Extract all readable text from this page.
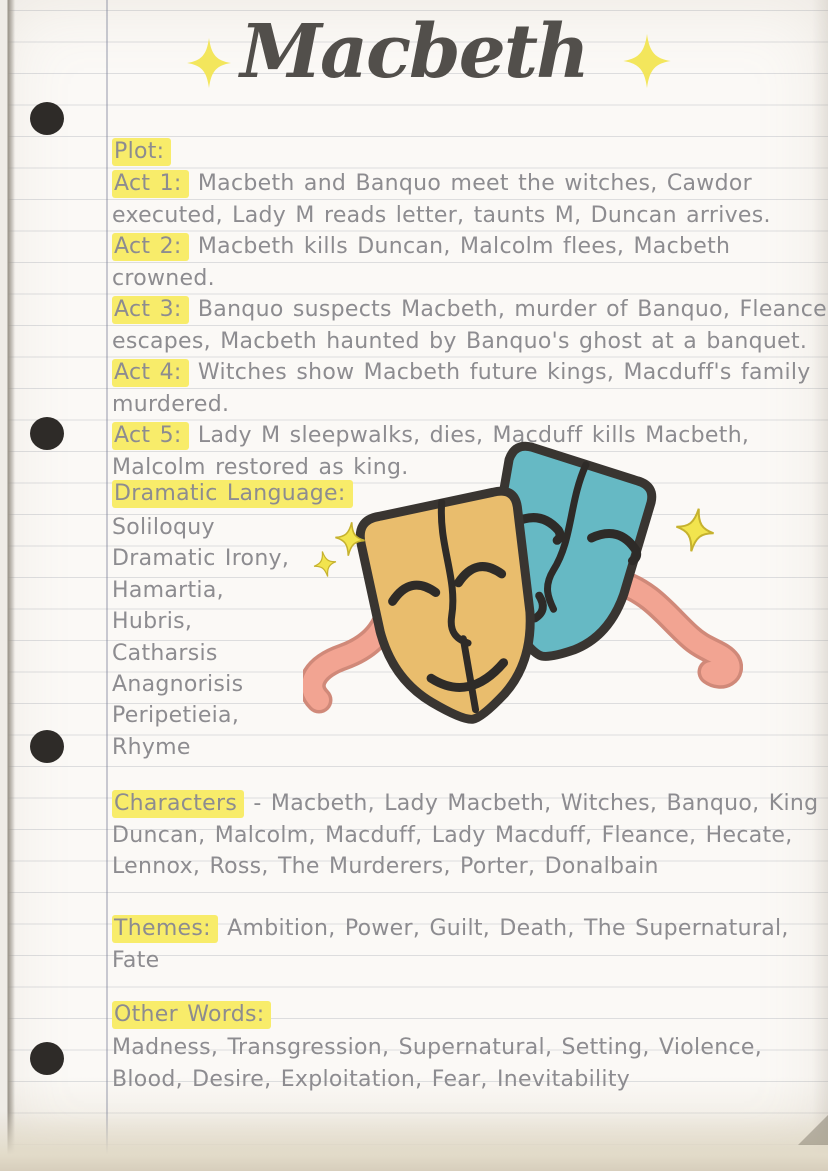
Macbeth
Plot:

Act 1: Macbeth and Banquo meet the witches, Cawdor executed, Lady M reads letter, taunts M, Duncan arrives.

Act 2: Macbeth kills Duncan, Malcolm flees, Macbeth crowned.

Act 3: Banquo suspects Macbeth, murder of Banquo, Fleance escapes, Macbeth haunted by Banquo's ghost at a banquet.

Act 4: Witches show Macbeth future kings, Macduff's family murdered.

Act 5: Lady M sleepwalks, dies, Macduff kills Macbeth, Malcolm restored as king.

Dramatic Language:
Soliloquy
Dramatic Irony,
Hamartia,
Hubris,
Catharsis
Anagnorisis
Peripetieia,
Rhyme
Characters - Macbeth, Lady Macbeth, Witches, Banquo, King Duncan, Malcolm, Macduff, Lady Macduff, Fleance, Hecate, Lennox, Ross, The Murderers, Porter, Donalbain
Themes: Ambition, Power, Guilt, Death, The Supernatural, Fate
Other Words:
Madness, Transgression, Supernatural, Setting, Violence, Blood, Desire, Exploitation, Fear, Inevitability
